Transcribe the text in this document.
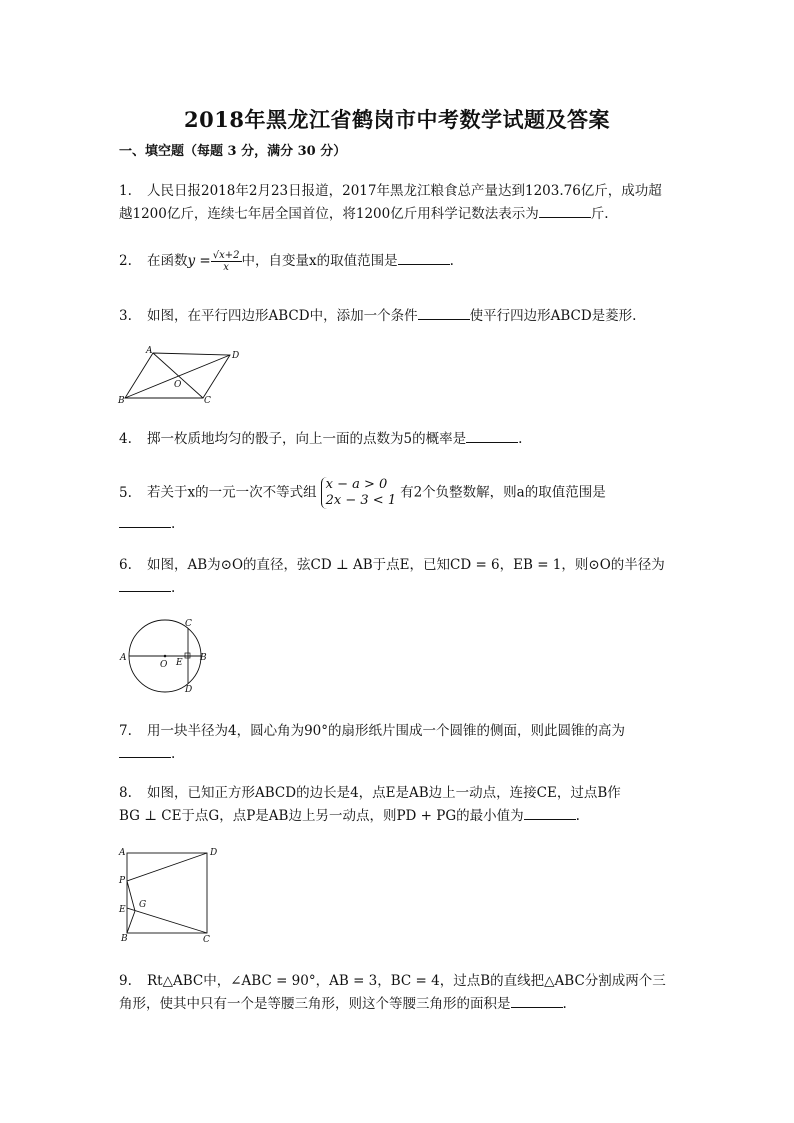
2018年黑龙江省鹤岗市中考数学试题及答案
一、填空题（每题 3 分，满分 30 分）
1. 人民日报2018年2月23日报道，2017年黑龙江粮食总产量达到1203.76亿斤，成功超
越1200亿斤，连续七年居全国首位，将1200亿斤用科学记数法表示为	斤.
2. 在函数$y = \frac{√x+2}{x}$ 中，自变量x的取值范围是	.
3. 如图，在平行四边形ABCD中，添加一个条件	使平行四边形ABCD是菱形.
A	D
B	C
O
4. 掷一枚质地均匀的骰子，向上一面的点数为5的概率是	.
5. 若关于x的一元一次不等式组 x − a > 0
2x − 3 < 1 有2个负整数解，则a的取值范围是
.
6. 如图，AB为⊙O的直径，弦CD ⊥ AB于点E，已知CD = 6，EB = 1，则⊙O的半径为
.
A	B
C
D
O E
7. 用一块半径为4，圆心角为90°的扇形纸片围成一个圆锥的侧面，则此圆锥的高为
.
8. 如图，已知正方形ABCD的边长是4，点E是AB边上一动点，连接CE，过点B作
BG ⊥ CE于点G，点P是AB边上另一动点，则PD + PG的最小值为	.
A	D
B	C
P
E G
9. Rt△ABC中，∠ABC = 90°，AB = 3，BC = 4，过点B的直线把△ABC分割成两个三
角形，使其中只有一个是等腰三角形，则这个等腰三角形的面积是	.
